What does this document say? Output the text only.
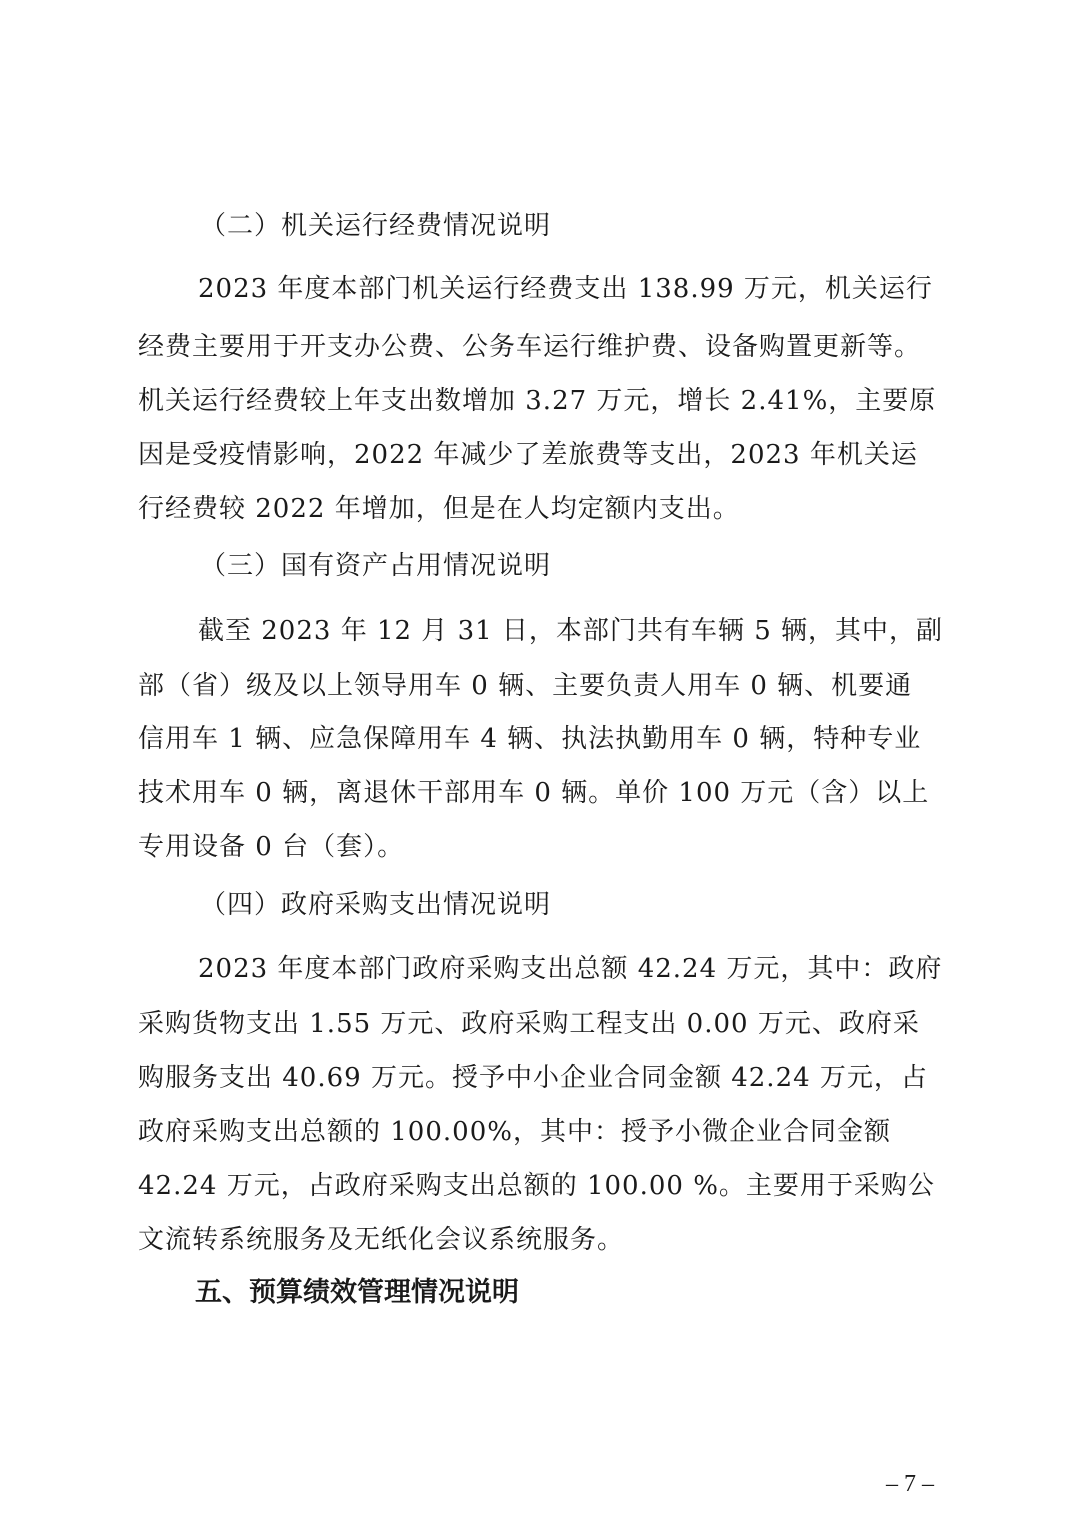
（二）机关运行经费情况说明
2023 年度本部门机关运行经费支出 138.99 万元，机关运行
经费主要用于开支办公费、公务车运行维护费、设备购置更新等。
机关运行经费较上年支出数增加 3.27 万元，增长 2.41%，主要原
因是受疫情影响，2022 年减少了差旅费等支出，2023 年机关运
行经费较 2022 年增加，但是在人均定额内支出。
（三）国有资产占用情况说明
截至 2023 年 12 月 31 日，本部门共有车辆 5 辆，其中，副
部（省）级及以上领导用车 0 辆、主要负责人用车 0 辆、机要通
信用车 1 辆、应急保障用车 4 辆、执法执勤用车 0 辆，特种专业
技术用车 0 辆，离退休干部用车 0 辆。单价 100 万元（含）以上
专用设备 0 台（套）。
（四）政府采购支出情况说明
2023 年度本部门政府采购支出总额 42.24 万元，其中：政府
采购货物支出 1.55 万元、政府采购工程支出 0.00 万元、政府采
购服务支出 40.69 万元。授予中小企业合同金额 42.24 万元，占
政府采购支出总额的 100.00%，其中：授予小微企业合同金额
42.24 万元，占政府采购支出总额的 100.00 %。主要用于采购公
文流转系统服务及无纸化会议系统服务。
五、预算绩效管理情况说明
– 7 –
